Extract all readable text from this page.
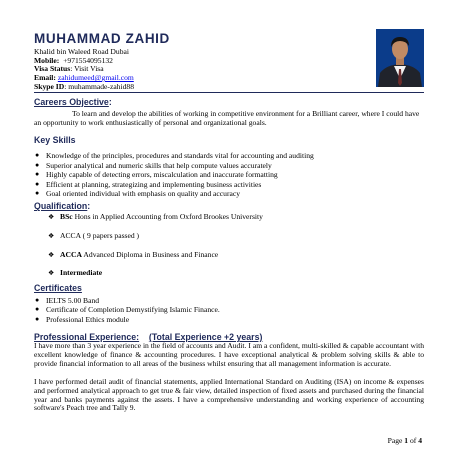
MUHAMMAD ZAHID
Khalid bin Waleed Road Dubai
Mobile: +971554095132
Visa Status: Visit Visa
Email: zahidumeed@gmail.com
Skype ID: muhammade-zahid88
Careers Objective:
To learn and develop the abilities of working in competitive environment for a Brilliant career, where I could have an opportunity to work enthusiastically of personal and organizational goals.
Key Skills
● Knowledge of the principles, procedures and standards vital for accounting and auditing
● Superior analytical and numeric skills that help compute values accurately
● Highly capable of detecting errors, miscalculation and inaccurate formatting
● Efficient at planning, strategizing and implementing business activities
● Goal oriented individual with emphasis on quality and accuracy
Qualification:
❖ BSc Hons in Applied Accounting from Oxford Brookes University
❖ ACCA ( 9 papers passed )
❖ ACCA Advanced Diploma in Business and Finance
❖ Intermediate
Certificates
● IELTS 5.00 Band
● Certificate of Completion Demystifying Islamic Finance.
● Professional Ethics module
Professional Experience: (Total Experience +2 years)
I have more than 3 year experience in the field of accounts and Audit. I am a confident, multi-skilled & capable accountant with excellent knowledge of finance & accounting procedures. I have exceptional analytical & problem solving skills & able to provide financial information to all areas of the business whilst ensuring that all management information is accurate.
I have performed detail audit of financial statements, applied International Standard on Auditing (ISA) on income & expenses and performed analytical approach to get true & fair view, detailed inspection of fixed assets and purchased during the financial year and banks payments against the assets. I have a comprehensive understanding and working experience of accounting software's Peach tree and Tally 9.
Page 1 of 4
